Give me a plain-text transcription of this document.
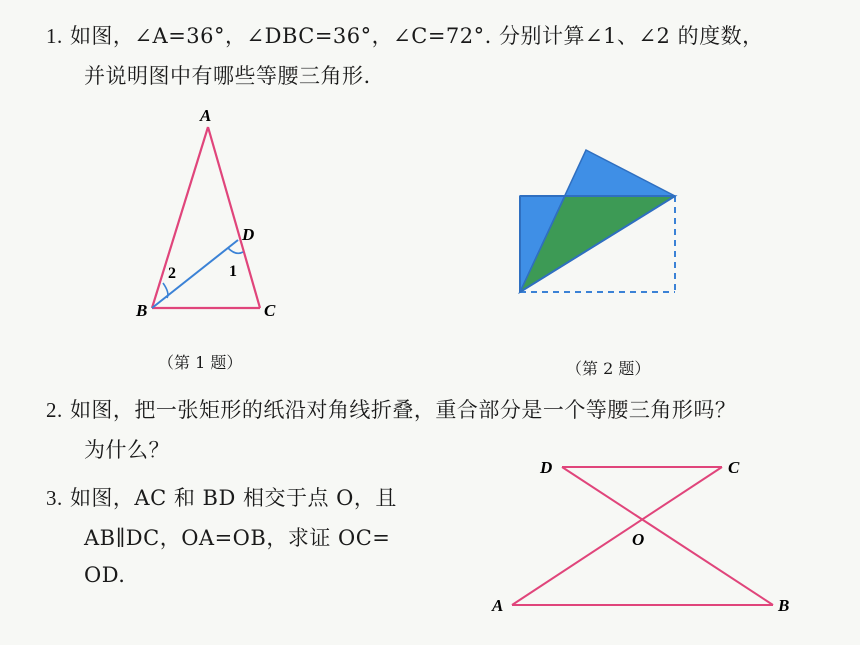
1. 如图，∠A=36°，∠DBC=36°，∠C=72°. 分别计算∠1、∠2 的度数，
并说明图中有哪些等腰三角形.
A
B	C
D
1
2
（第 1 题）	（第 2 题）
2. 如图，把一张矩形的纸沿对角线折叠，重合部分是一个等腰三角形吗？
为什么？
3. 如图，AC 和 BD 相交于点 O，且
AB∥DC，OA=OB，求证 OC=
OD.
D	C
O
A	B
